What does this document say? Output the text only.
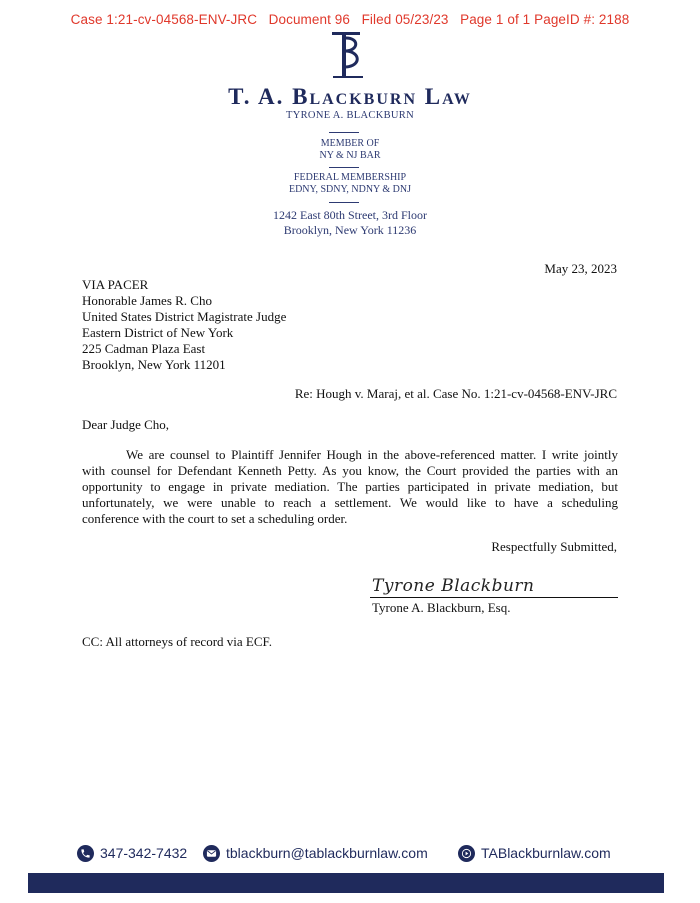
Case 1:21-cv-04568-ENV-JRC   Document 96   Filed 05/23/23   Page 1 of 1 PageID #: 2188
T. A. Blackburn Law
TYRONE A. BLACKBURN
MEMBER OF
NY & NJ BAR
FEDERAL MEMBERSHIP
EDNY, SDNY, NDNY & DNJ
1242 East 80th Street, 3rd Floor
Brooklyn, New York 11236
May 23, 2023
VIA PACER
Honorable James R. Cho
United States District Magistrate Judge
Eastern District of New York
225 Cadman Plaza East
Brooklyn, New York 11201
Re: Hough v. Maraj, et al. Case No. 1:21-cv-04568-ENV-JRC
Dear Judge Cho,
We are counsel to Plaintiff Jennifer Hough in the above-referenced matter. I write jointly
with counsel for Defendant Kenneth Petty. As you know, the Court provided the parties with an
opportunity to engage in private mediation. The parties participated in private mediation, but
unfortunately, we were unable to reach a settlement. We would like to have a scheduling
conference with the court to set a scheduling order.
Respectfully Submitted,
Tyrone Blackburn
Tyrone A. Blackburn, Esq.
CC: All attorneys of record via ECF.
347-342-7432	tblackburn@tablackburnlaw.com	TABlackburnlaw.com
